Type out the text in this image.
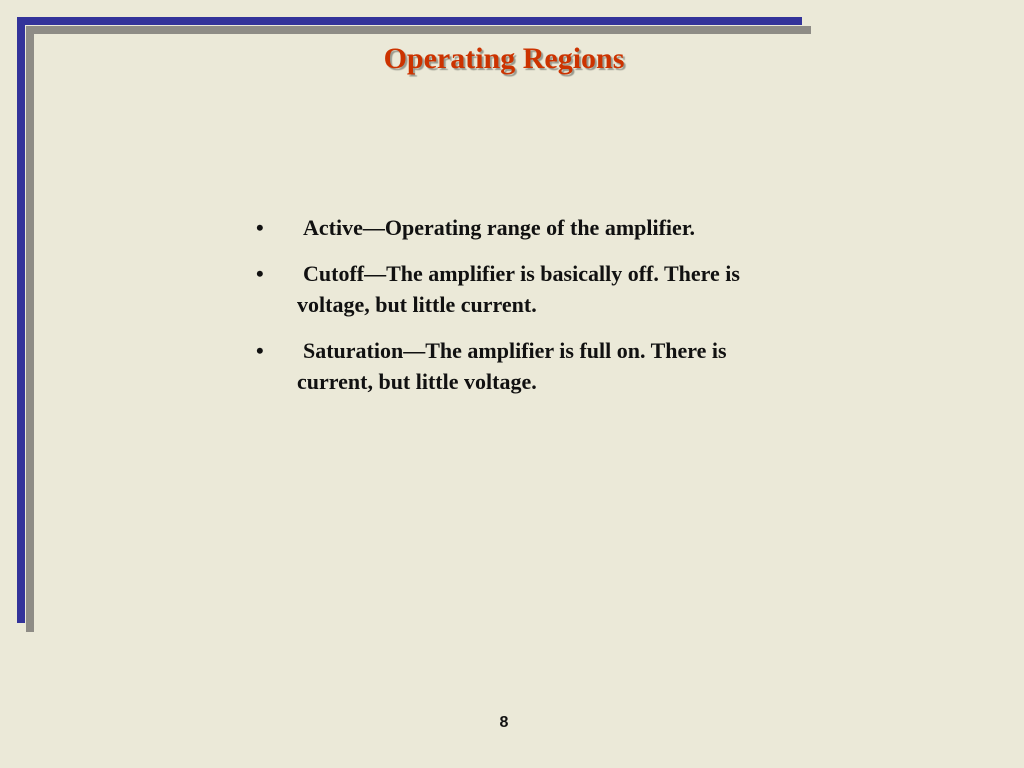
Operating Regions
• Active—Operating range of the amplifier.
• Cutoff—The amplifier is basically off. There is voltage, but little current.
• Saturation—The amplifier is full on. There is current, but little voltage.
8
